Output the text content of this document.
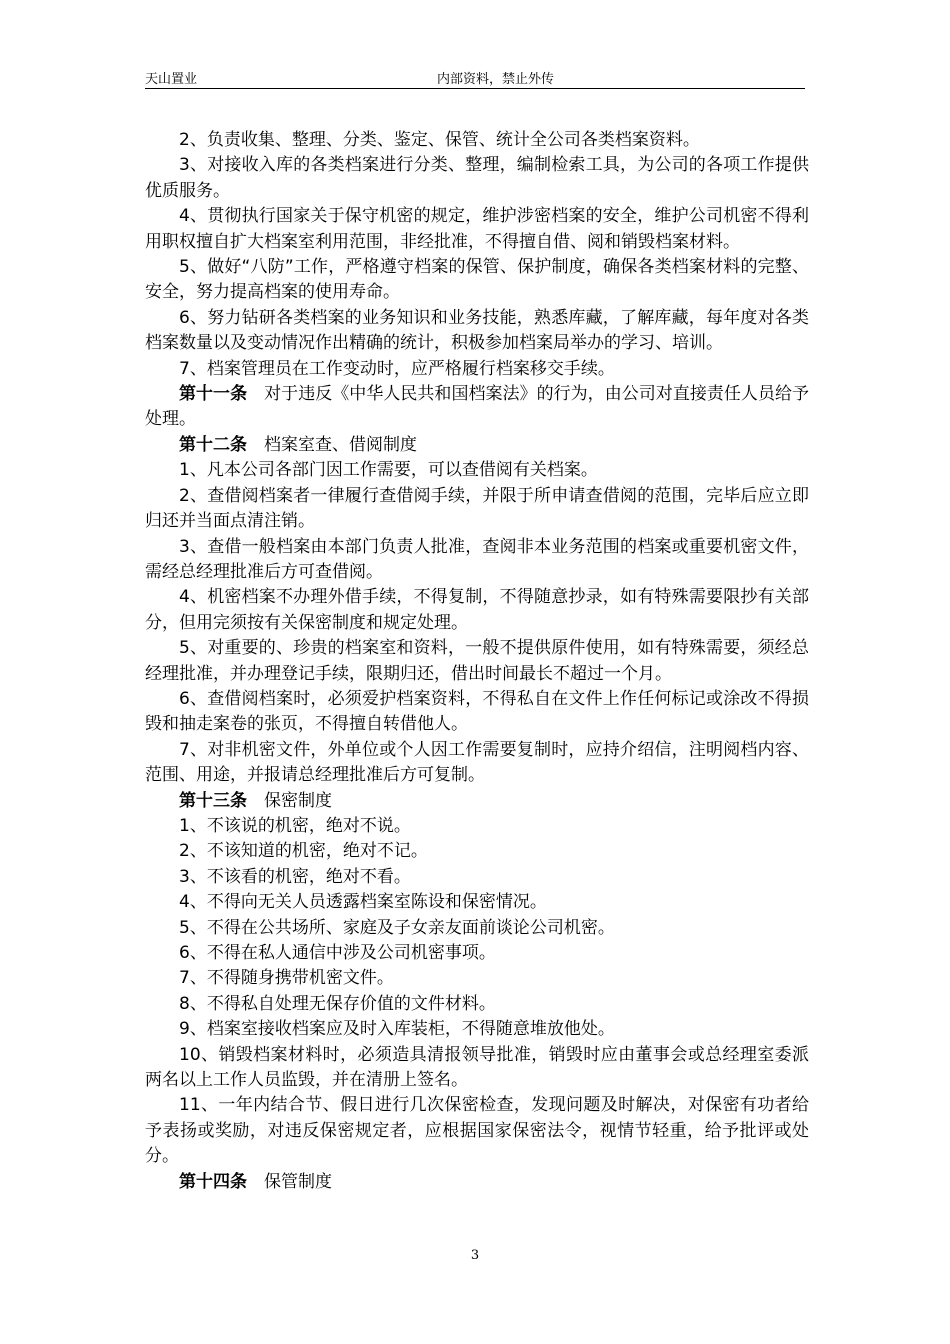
天山置业	内部资料，禁止外传

2、负责收集、整理、分类、鉴定、保管、统计全公司各类档案资料。

3、对接收入库的各类档案进行分类、整理，编制检索工具，为公司的各项工作提供优质服务。

4、贯彻执行国家关于保守机密的规定，维护涉密档案的安全，维护公司机密不得利用职权擅自扩大档案室利用范围，非经批准，不得擅自借、阅和销毁档案材料。

5、做好“八防”工作，严格遵守档案的保管、保护制度，确保各类档案材料的完整、安全，努力提高档案的使用寿命。

6、努力钻研各类档案的业务知识和业务技能，熟悉库藏，了解库藏，每年度对各类档案数量以及变动情况作出精确的统计，积极参加档案局举办的学习、培训。

7、档案管理员在工作变动时，应严格履行档案移交手续。

第十一条　对于违反《中华人民共和国档案法》的行为，由公司对直接责任人员给予处理。

第十二条　档案室查、借阅制度

1、凡本公司各部门因工作需要，可以查借阅有关档案。

2、查借阅档案者一律履行查借阅手续，并限于所申请查借阅的范围，完毕后应立即归还并当面点清注销。

3、查借一般档案由本部门负责人批准，查阅非本业务范围的档案或重要机密文件，需经总经理批准后方可查借阅。

4、机密档案不办理外借手续，不得复制，不得随意抄录，如有特殊需要限抄有关部分，但用完须按有关保密制度和规定处理。

5、对重要的、珍贵的档案室和资料，一般不提供原件使用，如有特殊需要，须经总经理批准，并办理登记手续，限期归还，借出时间最长不超过一个月。

6、查借阅档案时，必须爱护档案资料，不得私自在文件上作任何标记或涂改不得损毁和抽走案卷的张页，不得擅自转借他人。

7、对非机密文件，外单位或个人因工作需要复制时，应持介绍信，注明阅档内容、范围、用途，并报请总经理批准后方可复制。

第十三条　保密制度

1、不该说的机密，绝对不说。

2、不该知道的机密，绝对不记。

3、不该看的机密，绝对不看。

4、不得向无关人员透露档案室陈设和保密情况。

5、不得在公共场所、家庭及子女亲友面前谈论公司机密。

6、不得在私人通信中涉及公司机密事项。

7、不得随身携带机密文件。

8、不得私自处理无保存价值的文件材料。

9、档案室接收档案应及时入库装柜，不得随意堆放他处。

10、销毁档案材料时，必须造具清报领导批准，销毁时应由董事会或总经理室委派两名以上工作人员监毁，并在清册上签名。

11、一年内结合节、假日进行几次保密检查，发现问题及时解决，对保密有功者给予表扬或奖励，对违反保密规定者，应根据国家保密法令，视情节轻重，给予批评或处分。

第十四条　保管制度

3
